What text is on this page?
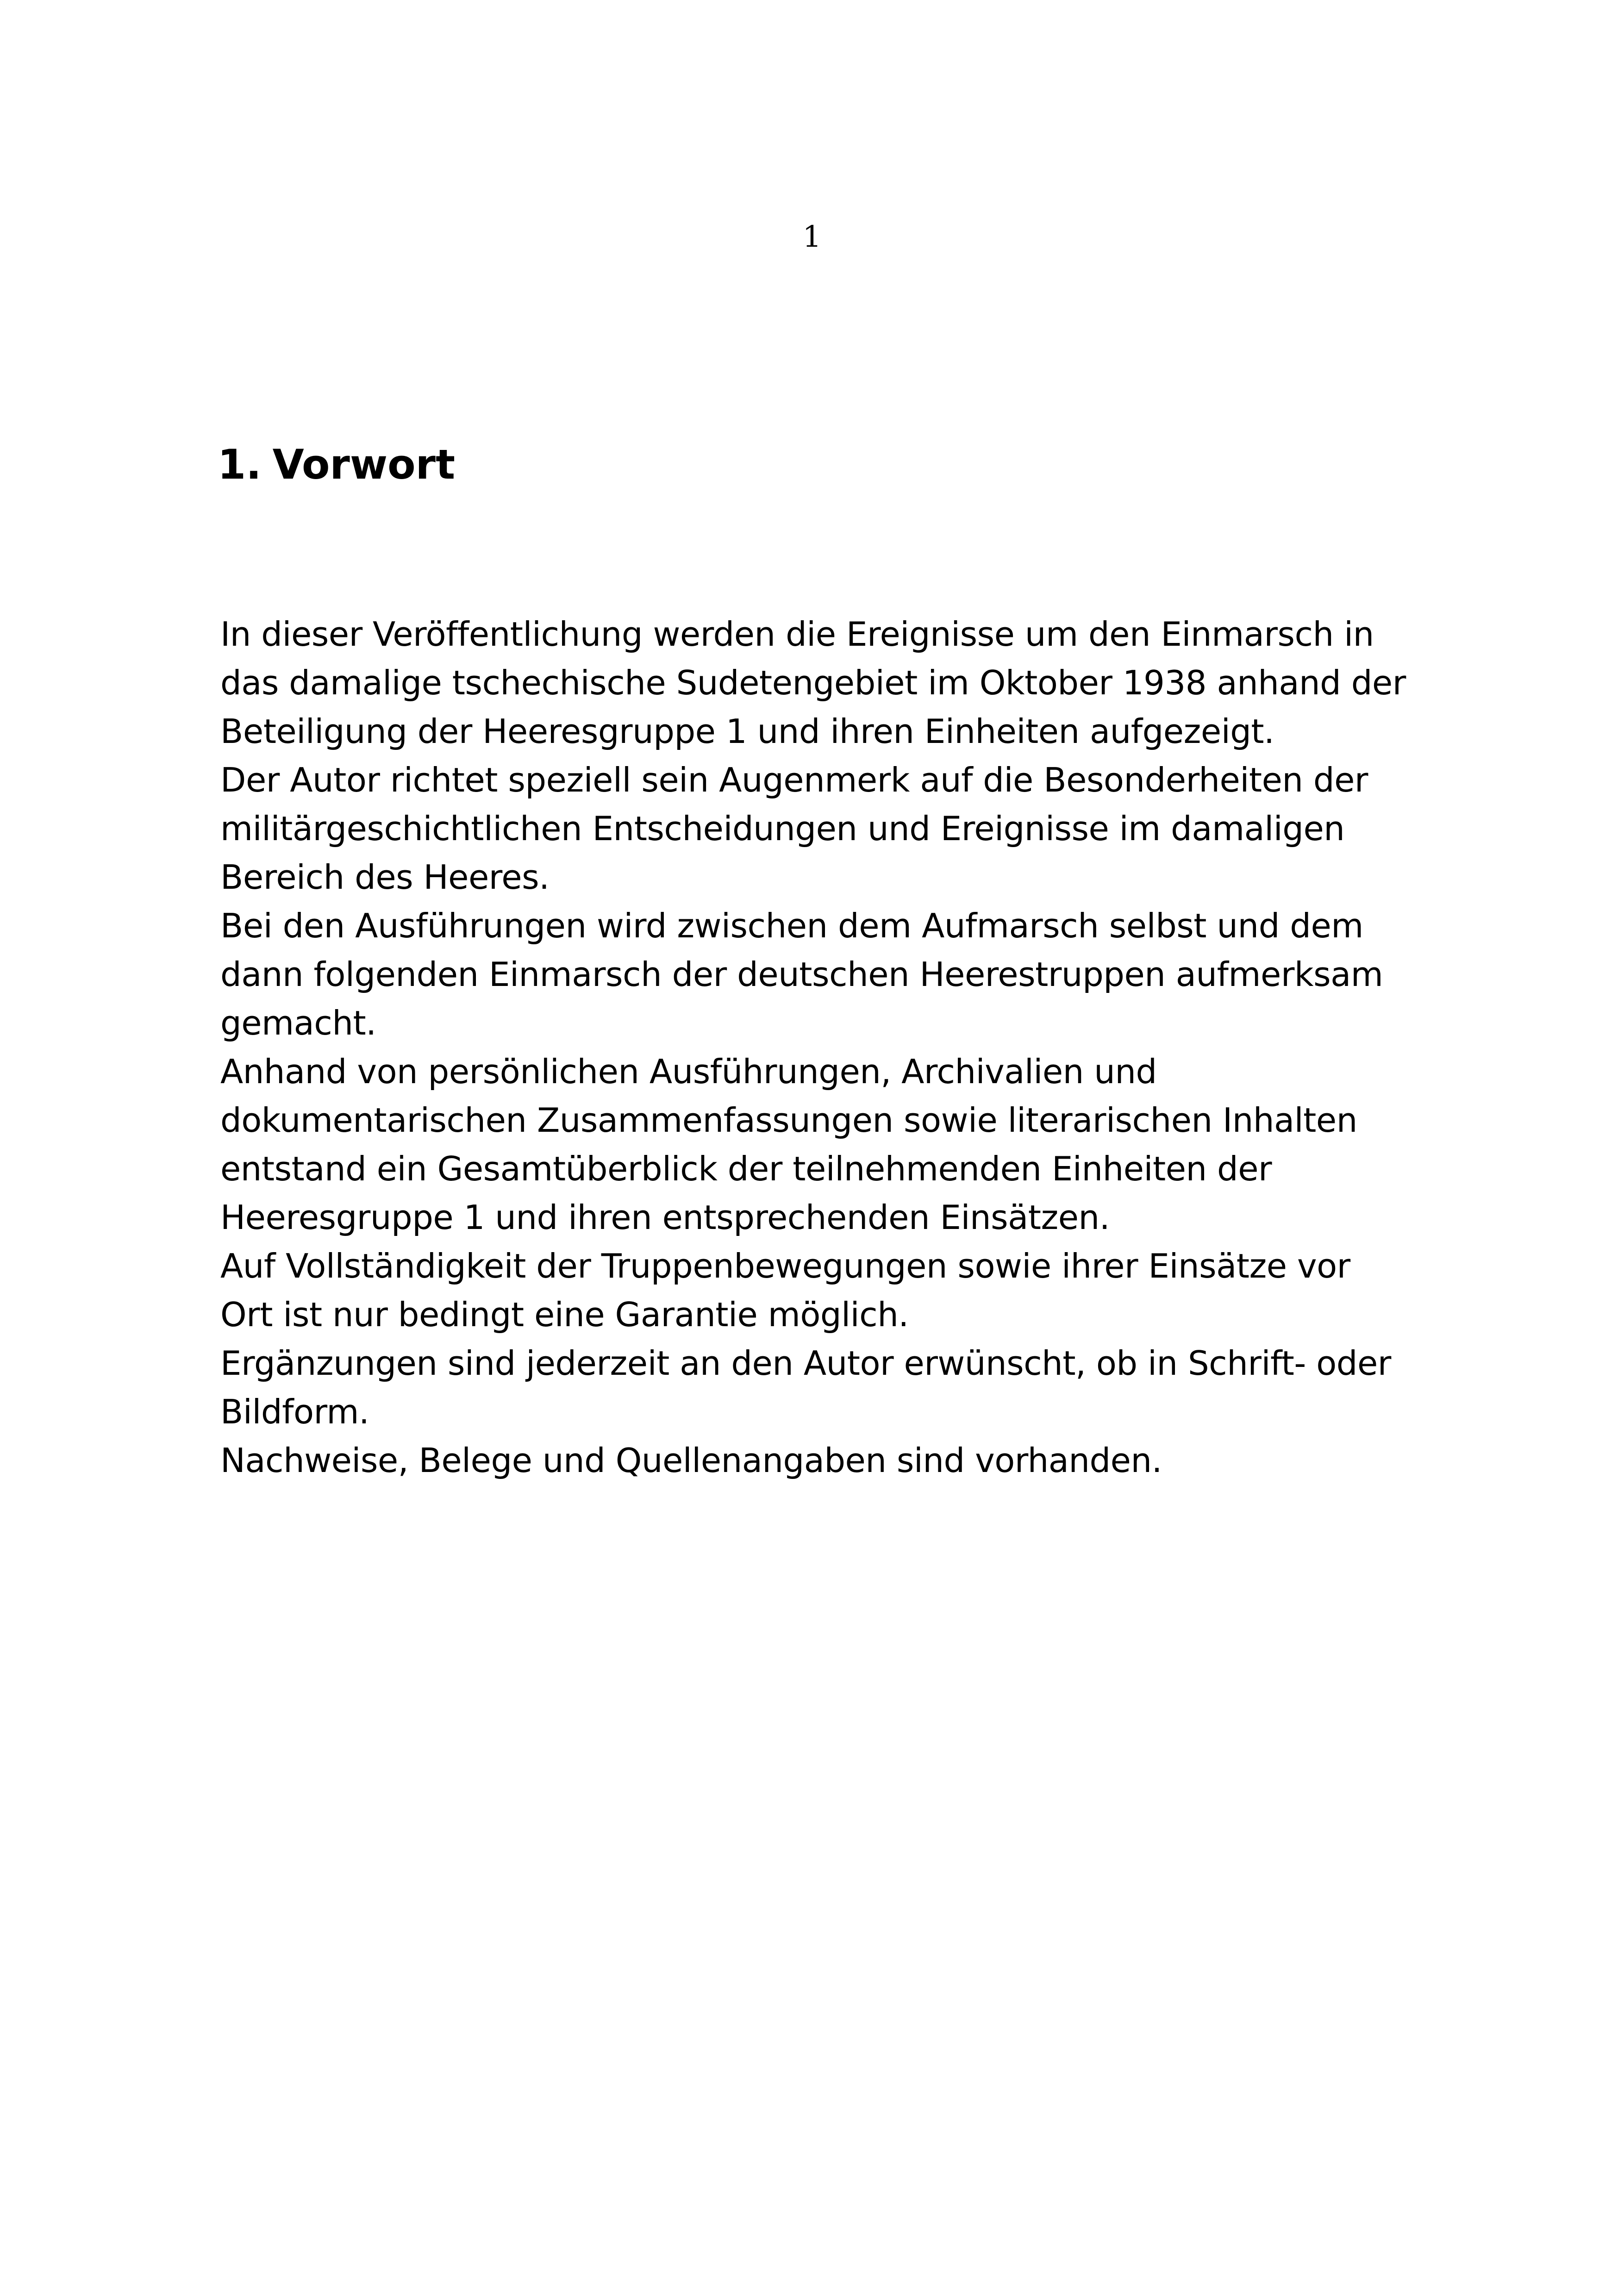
1
1. Vorwort
In dieser Veröffentlichung werden die Ereignisse um den Einmarsch in
das damalige tschechische Sudetengebiet im Oktober 1938 anhand der
Beteiligung der Heeresgruppe 1 und ihren Einheiten aufgezeigt.
Der Autor richtet speziell sein Augenmerk auf die Besonderheiten der
militärgeschichtlichen Entscheidungen und Ereignisse im damaligen
Bereich des Heeres.
Bei den Ausführungen wird zwischen dem Aufmarsch selbst und dem
dann folgenden Einmarsch der deutschen Heerestruppen aufmerksam
gemacht.
Anhand von persönlichen Ausführungen, Archivalien und
dokumentarischen Zusammenfassungen sowie literarischen Inhalten
entstand ein Gesamtüberblick der teilnehmenden Einheiten der
Heeresgruppe 1 und ihren entsprechenden Einsätzen.
Auf Vollständigkeit der Truppenbewegungen sowie ihrer Einsätze vor
Ort ist nur bedingt eine Garantie möglich.
Ergänzungen sind jederzeit an den Autor erwünscht, ob in Schrift- oder
Bildform.
Nachweise, Belege und Quellenangaben sind vorhanden.
